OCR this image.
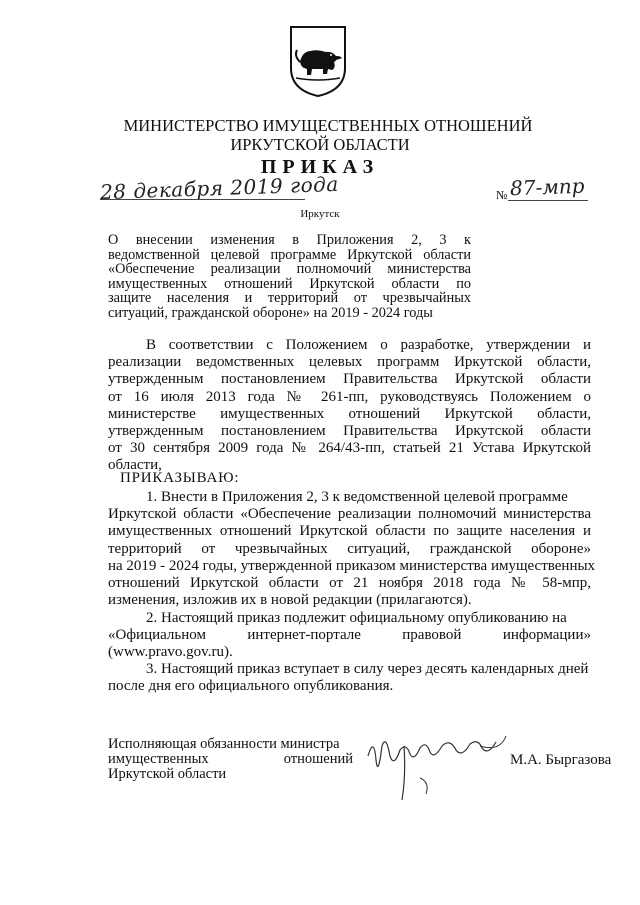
МИНИСТЕРСТВО ИМУЩЕСТВЕННЫХ ОТНОШЕНИЙ
ИРКУТСКОЙ ОБЛАСТИ
ПРИКАЗ
28 декабря 2019 года	№ 87-мпр
Иркутск
О внесении изменения в Приложения 2, 3 к
ведомственной целевой программе Иркутской области
«Обеспечение реализации полномочий министерства
имущественных отношений Иркутской области по
защите населения и территорий от чрезвычайных
ситуаций, гражданской обороне» на 2019 - 2024 годы
В соответствии с Положением о разработке, утверждении и
реализации ведомственных целевых программ Иркутской области,
утвержденным постановлением Правительства Иркутской области
от 16 июля 2013 года № 261-пп, руководствуясь Положением о
министерстве имущественных отношений Иркутской области,
утвержденным постановлением Правительства Иркутской области
от 30 сентября 2009 года № 264/43-пп, статьей 21 Устава Иркутской
области,
ПРИКАЗЫВАЮ:
1. Внести в Приложения 2, 3 к ведомственной целевой программе
Иркутской области «Обеспечение реализации полномочий министерства
имущественных отношений Иркутской области по защите населения и
территорий от чрезвычайных ситуаций, гражданской обороне»
на 2019 - 2024 годы, утвержденной приказом министерства имущественных
отношений Иркутской области от 21 ноября 2018 года № 58-мпр,
изменения, изложив их в новой редакции (прилагаются).
2. Настоящий приказ подлежит официальному опубликованию на
«Официальном интернет-портале правовой информации»
(www.pravo.gov.ru).
3. Настоящий приказ вступает в силу через десять календарных дней
после дня его официального опубликования.
Исполняющая обязанности министра
имущественных отношений
Иркутской области
М.А. Быргазова
